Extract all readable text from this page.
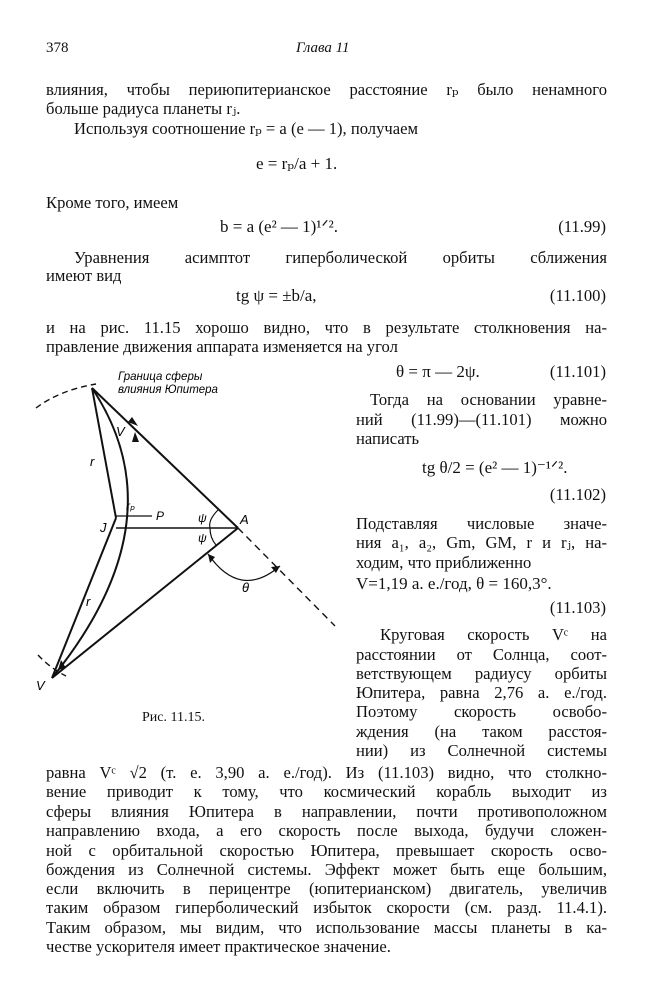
378	Глава 11
влияния, чтобы периюпитерианское расстояние rₚ было ненамного
больше радиуса планеты rⱼ.
Используя соотношение rₚ = a (e — 1), получаем
e = rₚ/a + 1.
Кроме того, имеем
b = a (e² — 1)¹ᐟ².	(11.99)
Уравнения асимптот гиперболической орбиты сближения
имеют вид
tg ψ = ±b/a,	(11.100)
и на рис. 11.15 хорошо видно, что в результате столкновения на-
правление движения аппарата изменяется на угол
θ = π — 2ψ.	(11.101)
Тогда на основании уравне-
ний (11.99)—(11.101) можно
написать
tg θ/2 = (e² — 1)⁻¹ᐟ².
(11.102)
Подставляя числовые значе-
ния a₁, a₂, Gm, GM, r и rⱼ, на-
ходим, что приближенно
V=1,19 а. е./год, θ = 160,3°.
(11.103)
Круговая скорость Vᶜ на
расстоянии от Солнца, соот-
ветствующем радиусу орбиты
Юпитера, равна 2,76 а. е./год.
Поэтому скорость освобо-
ждения (на таком расстоя-
нии) из Солнечной системы
Граница сферы
влияния Юпитера
V
r
rₚ
P
J
A
ψ
ψ
θ
r
V
Рис. 11.15.
равна Vᶜ √2 (т. е. 3,90 а. е./год). Из (11.103) видно, что столкно-
вение приводит к тому, что космический корабль выходит из
сферы влияния Юпитера в направлении, почти противоположном
направлению входа, а его скорость после выхода, будучи сложен-
ной с орбитальной скоростью Юпитера, превышает скорость осво-
бождения из Солнечной системы. Эффект может быть еще большим,
если включить в перицентре (юпитерианском) двигатель, увеличив
таким образом гиперболический избыток скорости (см. разд. 11.4.1).
Таким образом, мы видим, что использование массы планеты в ка-
честве ускорителя имеет практическое значение.
